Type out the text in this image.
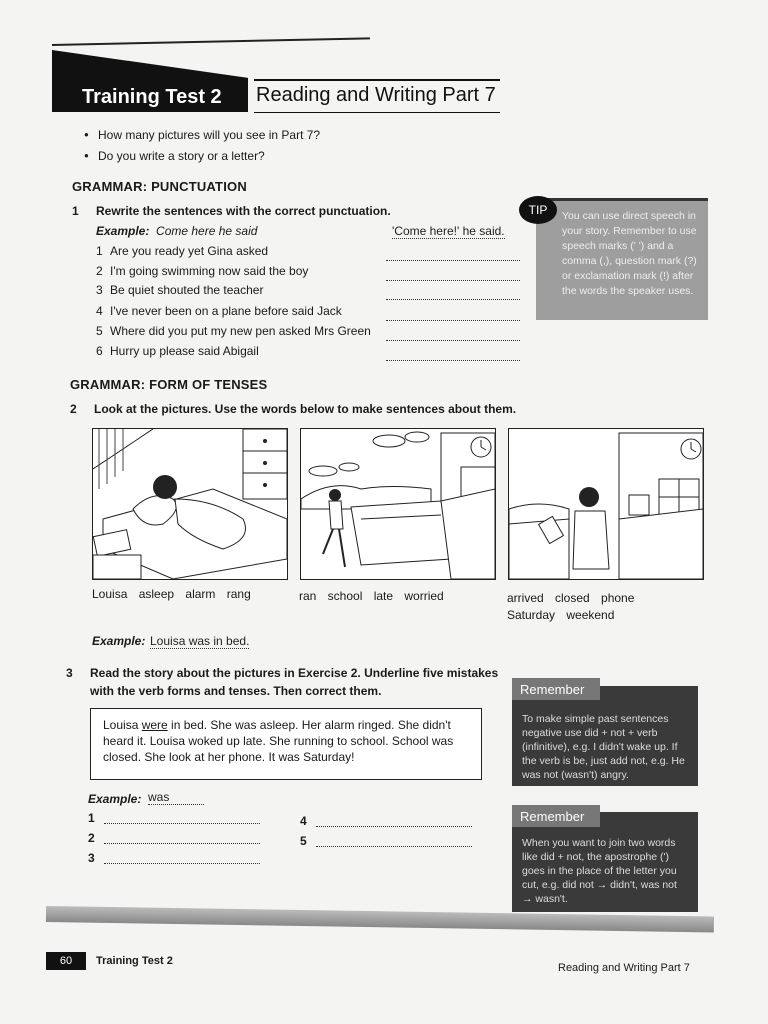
Training Test 2	Reading and Writing Part 7
● How many pictures will you see in Part 7?
● Do you write a story or a letter?
GRAMMAR: PUNCTUATION
1 Rewrite the sentences with the correct punctuation.
Example: Come here he said	'Come here!' he said.
1 Are you ready yet Gina asked
2 I'm going swimming now said the boy
3 Be quiet shouted the teacher
4 I've never been on a plane before said Jack
5 Where did you put my new pen asked Mrs Green
6 Hurry up please said Abigail
You can use direct speech in your story. Remember to use speech marks (' ') and a comma (,), question mark (?) or exclamation mark (!) after the words the speaker uses.
TIP
GRAMMAR: FORM OF TENSES
2 Look at the pictures. Use the words below to make sentences about them.
Louisa asleep alarm rang	ran school late worried	arrived closed phone
Saturday weekend
Example: Louisa was in bed.
3 Read the story about the pictures in Exercise 2. Underline five mistakes
with the verb forms and tenses. Then correct them.
Louisa were in bed. She was asleep. Her alarm ringed. She didn't heard it. Louisa woked up late. She running to school. School was closed. She look at her phone. It was Saturday!
Example: was
1
2
3
4
5
To make simple past sentences negative use did + not + verb (infinitive), e.g. I didn't wake up. If the verb is be, just add not, e.g. He was not (wasn't) angry.
Remember
When you want to join two words like did + not, the apostrophe (') goes in the place of the letter you cut, e.g. did not → didn't, was not → wasn't.
Remember
60	Training Test 2
Reading and Writing Part 7
